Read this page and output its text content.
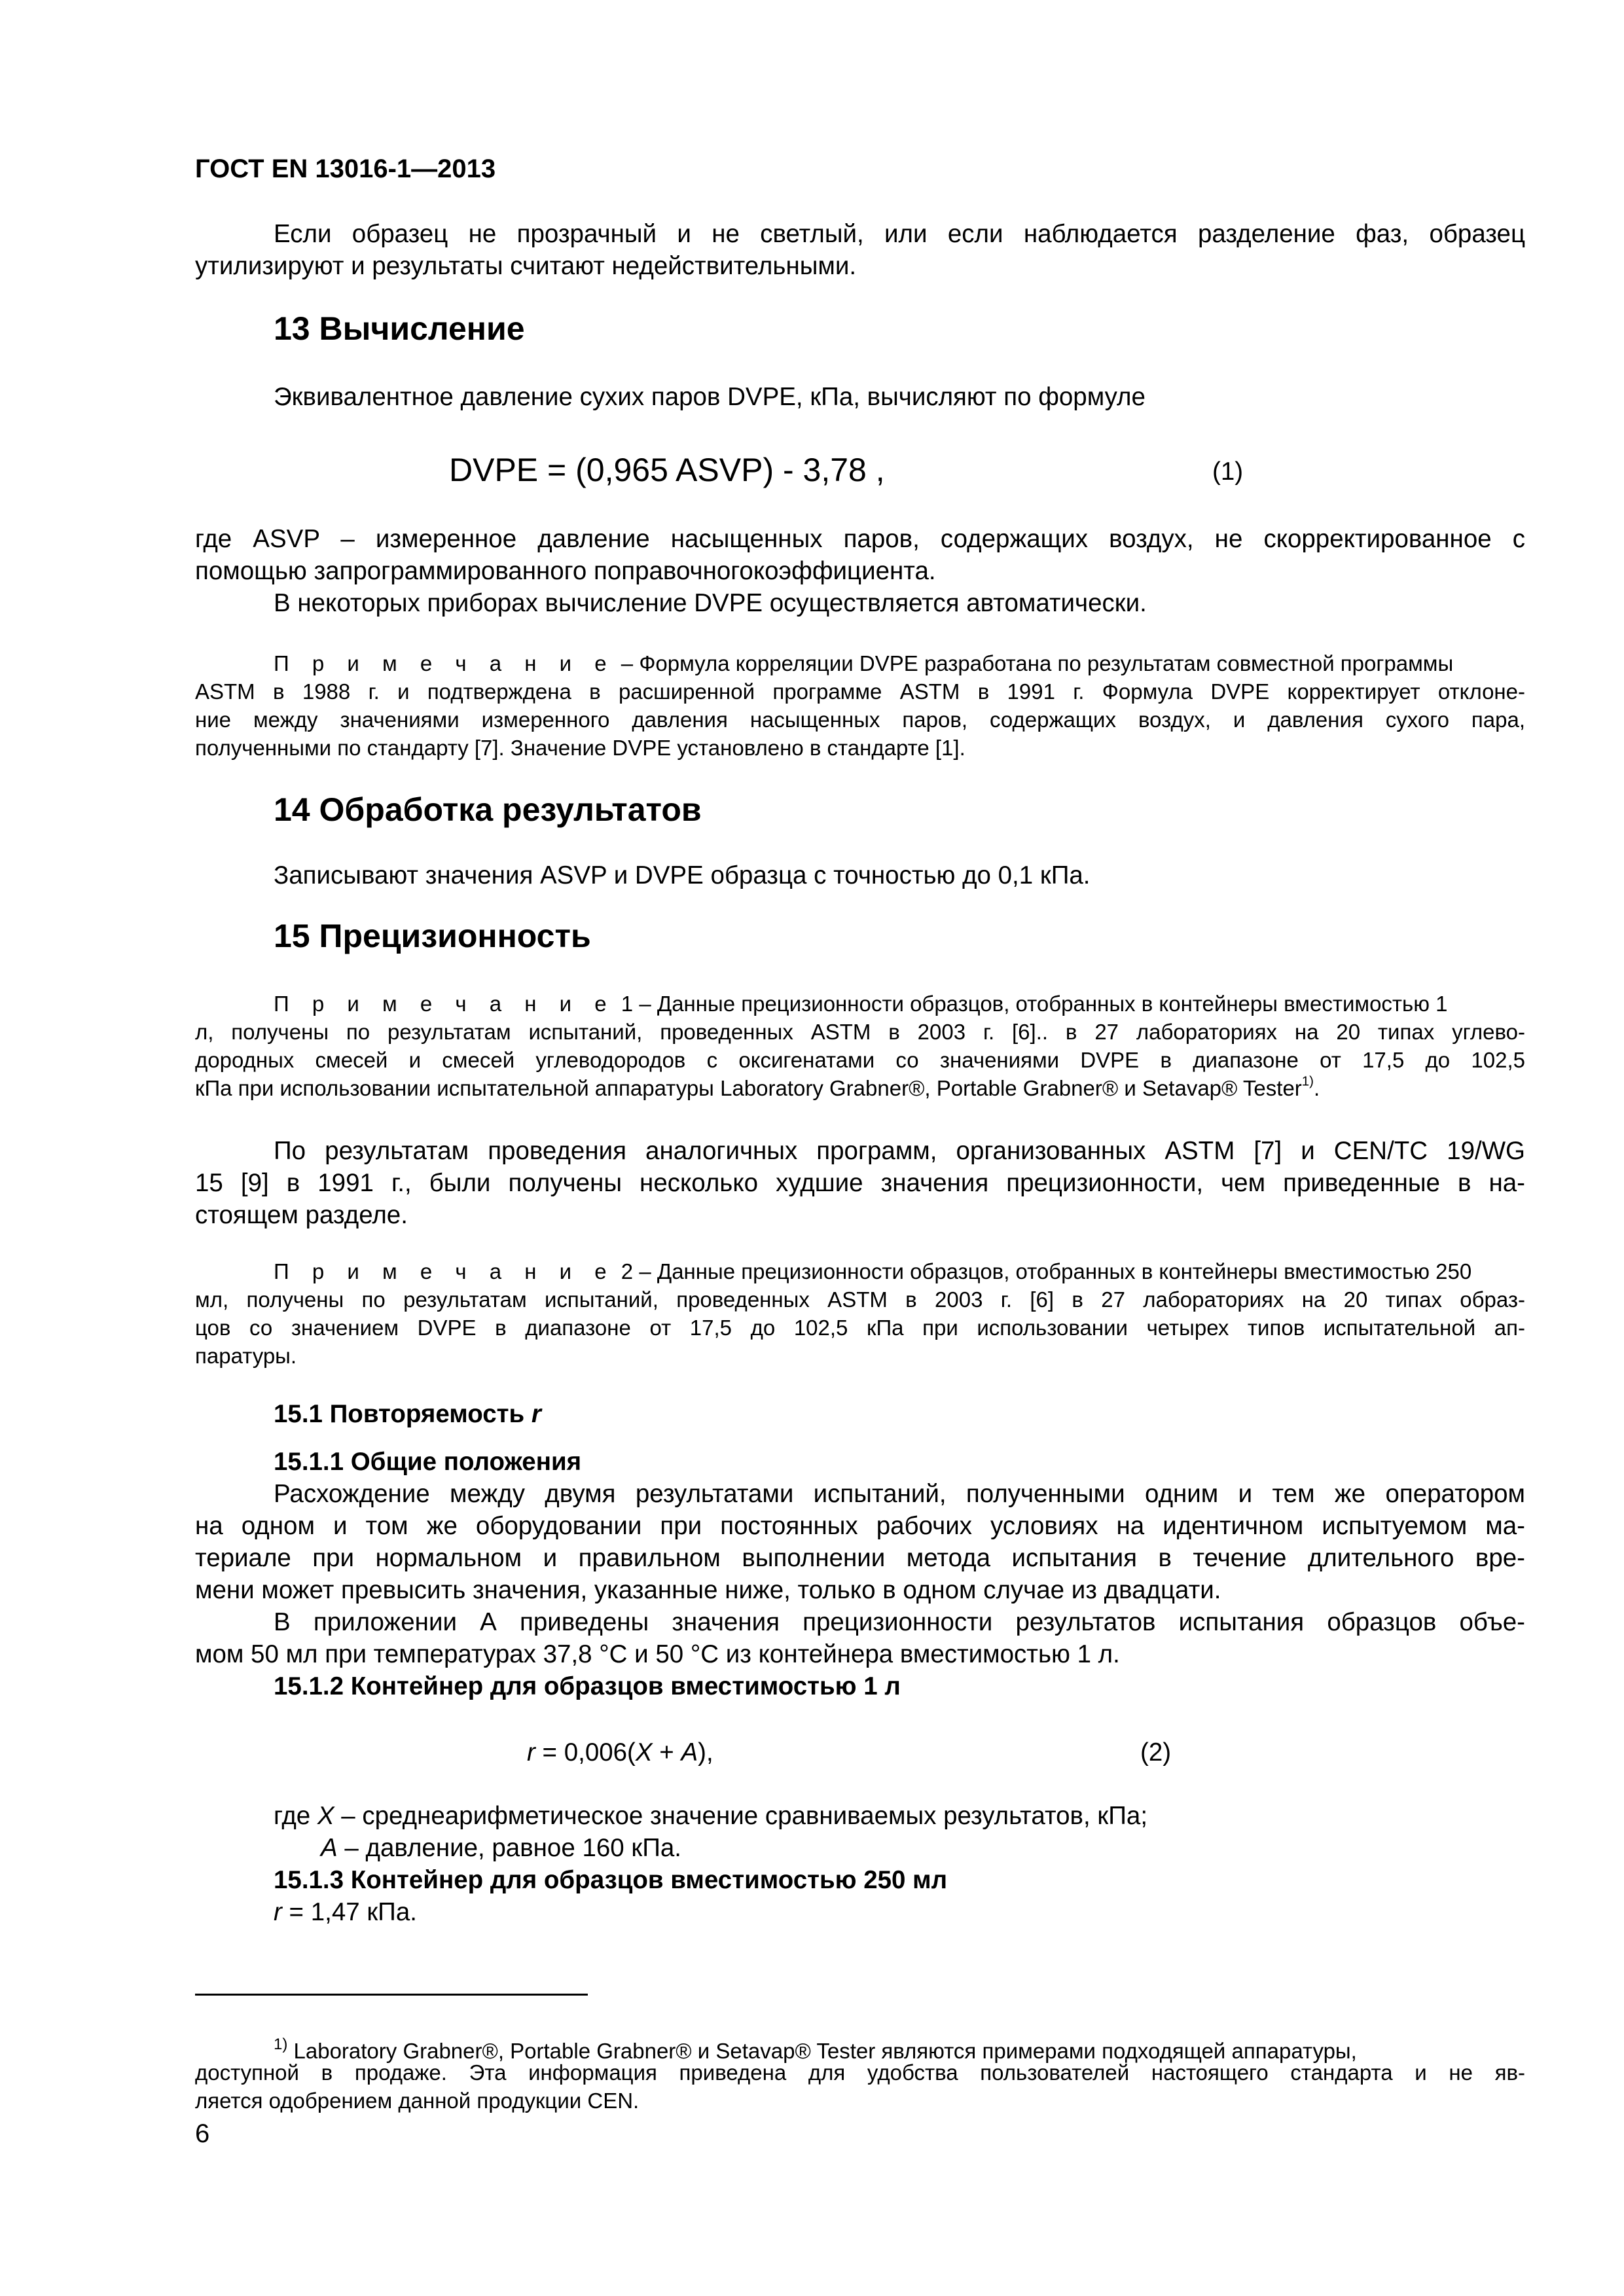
ГОСТ EN 13016-1—2013
Если образец не прозрачный и не светлый, или если наблюдается разделение фаз, образец
утилизируют и результаты считают недействительными.
13 Вычисление
Эквивалентное давление сухих паров DVPE, кПа, вычисляют по формуле
DVPE = (0,965 ASVP) - 3,78 ,	(1)
где ASVP – измеренное давление насыщенных паров, содержащих воздух, не скорректированное с
помощью запрограммированного поправочногокоэффициента.
В некоторых приборах вычисление DVPE осуществляется автоматически.
П р и м е ч а н и е – Формула корреляции DVPE разработана по результатам совместной программы
ASTM в 1988 г. и подтверждена в расширенной программе ASTM в 1991 г. Формула DVPE корректирует отклоне-
ние между значениями измеренного давления насыщенных паров, содержащих воздух, и давления сухого пара,
полученными по стандарту [7]. Значение DVPE установлено в стандарте [1].
14 Обработка результатов
Записывают значения ASVP и DVPE образца с точностью до 0,1 кПа.
15 Прецизионность
П р и м е ч а н и е 1 – Данные прецизионности образцов, отобранных в контейнеры вместимостью 1
л, получены по результатам испытаний, проведенных ASTM в 2003 г. [6].. в 27 лабораториях на 20 типах углево-
дородных смесей и смесей углеводородов с оксигенатами со значениями DVPE в диапазоне от 17,5 до 102,5
кПа при использовании испытательной аппаратуры Laboratory Grabner®, Portable Grabner® и Setavap® Tester$^{1)}$.
По результатам проведения аналогичных программ, организованных ASTM [7] и CEN/TC 19/WG
15 [9] в 1991 г., были получены несколько худшие значения прецизионности, чем приведенные в на-
стоящем разделе.
П р и м е ч а н и е 2 – Данные прецизионности образцов, отобранных в контейнеры вместимостью 250
мл, получены по результатам испытаний, проведенных ASTM в 2003 г. [6] в 27 лабораториях на 20 типах образ-
цов со значением DVPE в диапазоне от 17,5 до 102,5 кПа при использовании четырех типов испытательной ап-
паратуры.
15.1 Повторяемость r
15.1.1 Общие положения
Расхождение между двумя результатами испытаний, полученными одним и тем же оператором
на одном и том же оборудовании при постоянных рабочих условиях на идентичном испытуемом ма-
териале при нормальном и правильном выполнении метода испытания в течение длительного вре-
мени может превысить значения, указанные ниже, только в одном случае из двадцати.
В приложении А приведены значения прецизионности результатов испытания образцов объе-
мом 50 мл при температурах 37,8 °С и 50 °С из контейнера вместимостью 1 л.
15.1.2 Контейнер для образцов вместимостью 1 л
r = 0,006(X + A),	(2)
где X – среднеарифметическое значение сравниваемых результатов, кПа;
A – давление, равное 160 кПа.
15.1.3 Контейнер для образцов вместимостью 250 мл
r = 1,47 кПа.
$^{1)}$ Laboratory Grabner®, Portable Grabner® и Setavap® Tester являются примерами подходящей аппаратуры,
доступной в продаже. Эта информация приведена для удобства пользователей настоящего стандарта и не яв-
ляется одобрением данной продукции CEN.
6
